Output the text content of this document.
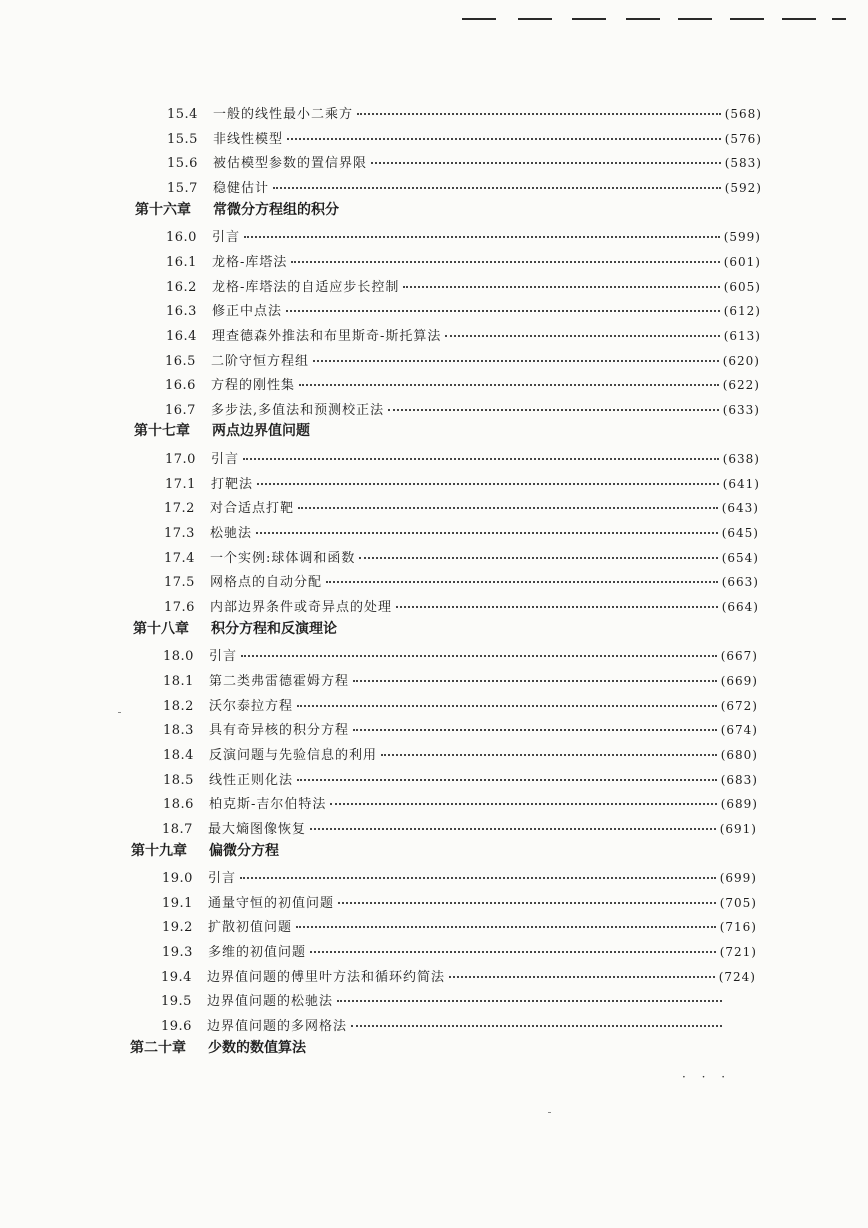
15.4	一般的线性最小二乘方	(568)
15.5	非线性模型	(576)
15.6	被估模型参数的置信界限	(583)
15.7	稳健估计	(592)
第十六章 常微分方程组的积分
16.0	引言	(599)
16.1	龙格-库塔法	(601)
16.2	龙格-库塔法的自适应步长控制	(605)
16.3	修正中点法	(612)
16.4	理查德森外推法和布里斯奇-斯托算法	(613)
16.5	二阶守恒方程组	(620)
16.6	方程的刚性集	(622)
16.7	多步法,多值法和预测校正法	(633)
第十七章 两点边界值问题
17.0	引言	(638)
17.1	打靶法	(641)
17.2	对合适点打靶	(643)
17.3	松驰法	(645)
17.4	一个实例:球体调和函数	(654)
17.5	网格点的自动分配	(663)
17.6	内部边界条件或奇异点的处理	(664)
第十八章 积分方程和反演理论
18.0	引言	(667)
18.1	第二类弗雷德霍姆方程	(669)
18.2	沃尔泰拉方程	(672)
18.3	具有奇异核的积分方程	(674)
18.4	反演问题与先验信息的利用	(680)
18.5	线性正则化法	(683)
18.6	柏克斯-吉尔伯特法	(689)
18.7	最大熵图像恢复	(691)
第十九章 偏微分方程
19.0	引言	(699)
19.1	通量守恒的初值问题	(705)
19.2	扩散初值问题	(716)
19.3	多维的初值问题	(721)
19.4	边界值问题的傅里叶方法和循环约简法	(724)
19.5	边界值问题的松驰法
19.6	边界值问题的多网格法
第二十章 少数的数值算法
· · ·
